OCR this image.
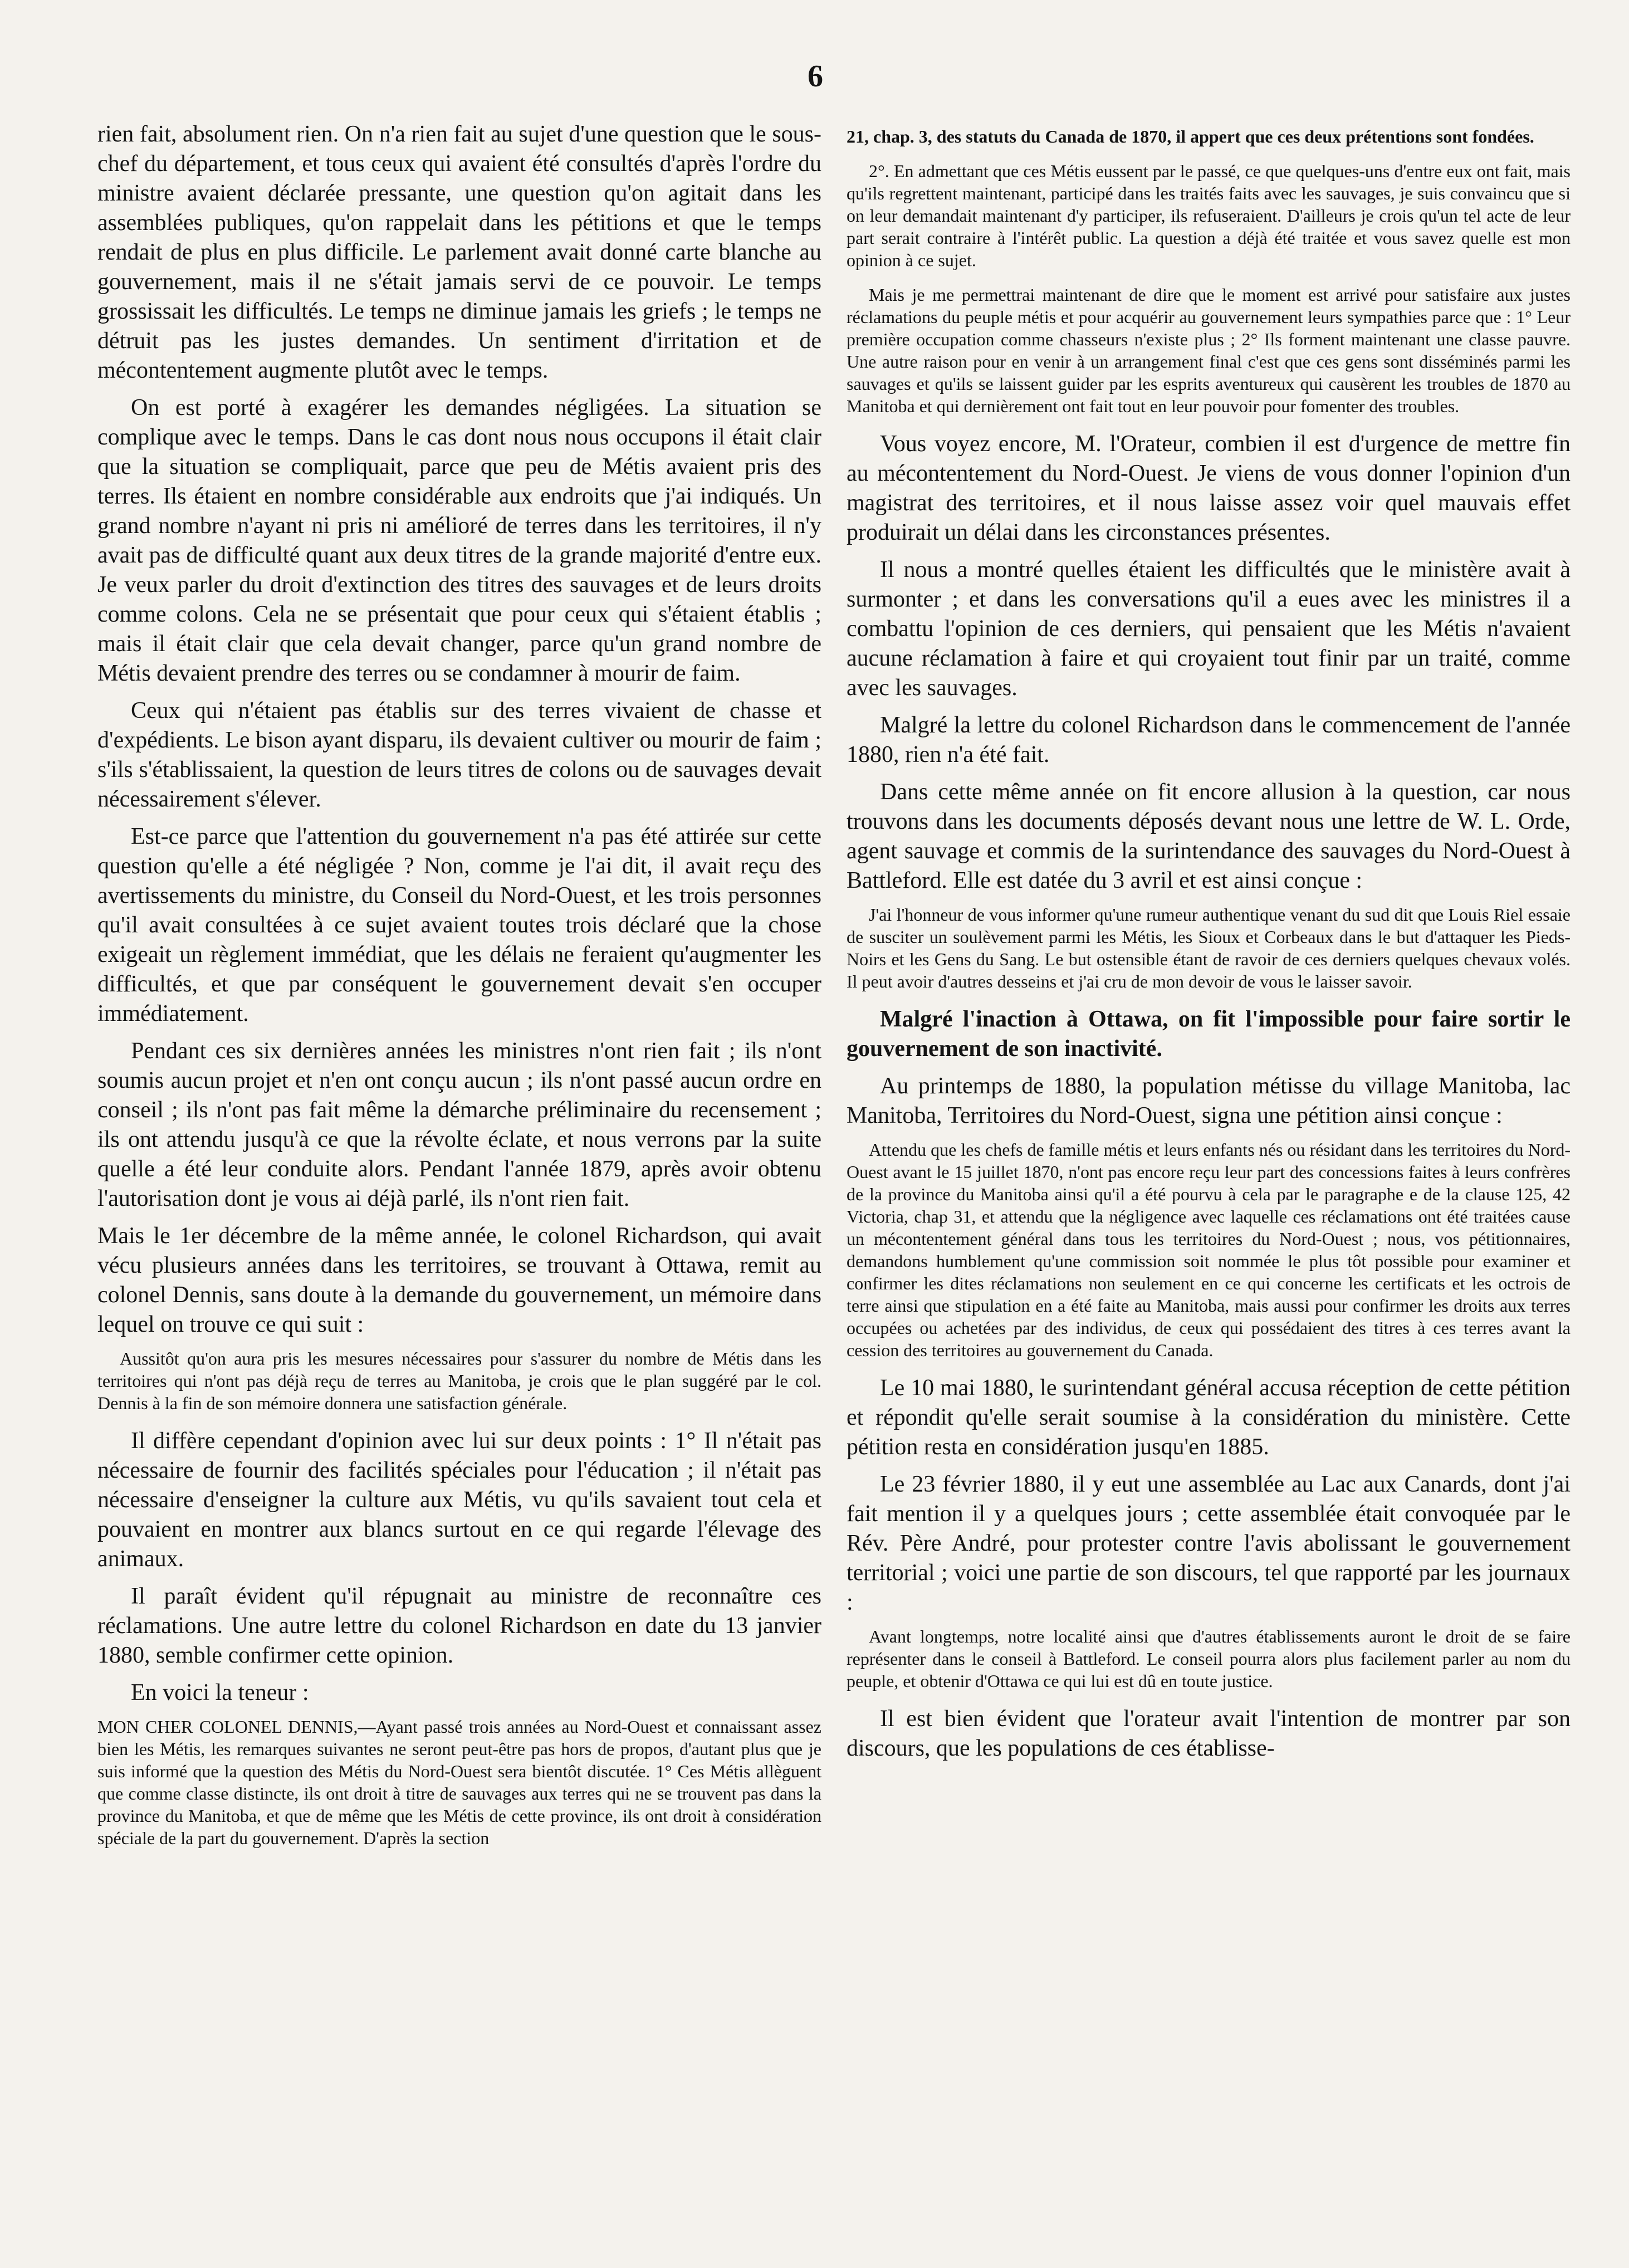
6

rien fait, absolument rien. On n'a rien fait au sujet d'une question que le sous-chef du département, et tous ceux qui avaient été consultés d'après l'ordre du ministre avaient déclarée pressante, une question qu'on agitait dans les assemblées publiques, qu'on rappelait dans les pétitions et que le temps rendait de plus en plus difficile. Le parlement avait donné carte blanche au gouvernement, mais il ne s'était jamais servi de ce pouvoir. Le temps grossissait les difficultés. Le temps ne diminue jamais les griefs ; le temps ne détruit pas les justes demandes. Un sentiment d'irritation et de mécontentement augmente plutôt avec le temps.

On est porté à exagérer les demandes négligées. La situation se complique avec le temps. Dans le cas dont nous nous occupons il était clair que la situation se compliquait, parce que peu de Métis avaient pris des terres. Ils étaient en nombre considérable aux endroits que j'ai indiqués. Un grand nombre n'ayant ni pris ni amélioré de terres dans les territoires, il n'y avait pas de difficulté quant aux deux titres de la grande majorité d'entre eux. Je veux parler du droit d'extinction des titres des sauvages et de leurs droits comme colons. Cela ne se présentait que pour ceux qui s'étaient établis ; mais il était clair que cela devait changer, parce qu'un grand nombre de Métis devaient prendre des terres ou se condamner à mourir de faim.

Ceux qui n'étaient pas établis sur des terres vivaient de chasse et d'expédients. Le bison ayant disparu, ils devaient cultiver ou mourir de faim ; s'ils s'établissaient, la question de leurs titres de colons ou de sauvages devait nécessairement s'élever.

Est-ce parce que l'attention du gouvernement n'a pas été attirée sur cette question qu'elle a été négligée ? Non, comme je l'ai dit, il avait reçu des avertissements du ministre, du Conseil du Nord-Ouest, et les trois personnes qu'il avait consultées à ce sujet avaient toutes trois déclaré que la chose exigeait un règlement immédiat, que les délais ne feraient qu'augmenter les difficultés, et que par conséquent le gouvernement devait s'en occuper immédiatement.

Pendant ces six dernières années les ministres n'ont rien fait ; ils n'ont soumis aucun projet et n'en ont conçu aucun ; ils n'ont passé aucun ordre en conseil ; ils n'ont pas fait même la démarche préliminaire du recensement ; ils ont attendu jusqu'à ce que la révolte éclate, et nous verrons par la suite quelle a été leur conduite alors. Pendant l'année 1879, après avoir obtenu l'autorisation dont je vous ai déjà parlé, ils n'ont rien fait.

Mais le 1er décembre de la même année, le colonel Richardson, qui avait vécu plusieurs années dans les territoires, se trouvant à Ottawa, remit au colonel Dennis, sans doute à la demande du gouvernement, un mémoire dans lequel on trouve ce qui suit :

Aussitôt qu'on aura pris les mesures nécessaires pour s'assurer du nombre de Métis dans les territoires qui n'ont pas déjà reçu de terres au Manitoba, je crois que le plan suggéré par le col. Dennis à la fin de son mémoire donnera une satisfaction générale.

Il diffère cependant d'opinion avec lui sur deux points : 1° Il n'était pas nécessaire de fournir des facilités spéciales pour l'éducation ; il n'était pas nécessaire d'enseigner la culture aux Métis, vu qu'ils savaient tout cela et pouvaient en montrer aux blancs surtout en ce qui regarde l'élevage des animaux.

Il paraît évident qu'il répugnait au ministre de reconnaître ces réclamations. Une autre lettre du colonel Richardson en date du 13 janvier 1880, semble confirmer cette opinion.

En voici la teneur :

MON CHER COLONEL DENNIS,—Ayant passé trois années au Nord-Ouest et connaissant assez bien les Métis, les remarques suivantes ne seront peut-être pas hors de propos, d'autant plus que je suis informé que la question des Métis du Nord-Ouest sera bientôt discutée. 1° Ces Métis allèguent que comme classe distincte, ils ont droit à titre de sauvages aux terres qui ne se trouvent pas dans la province du Manitoba, et que de même que les Métis de cette province, ils ont droit à considération spéciale de la part du gouvernement. D'après la section

21, chap. 3, des statuts du Canada de 1870, il appert que ces deux prétentions sont fondées.

2°. En admettant que ces Métis eussent par le passé, ce que quelques-uns d'entre eux ont fait, mais qu'ils regrettent maintenant, participé dans les traités faits avec les sauvages, je suis convaincu que si on leur demandait maintenant d'y participer, ils refuseraient. D'ailleurs je crois qu'un tel acte de leur part serait contraire à l'intérêt public. La question a déjà été traitée et vous savez quelle est mon opinion à ce sujet.

Mais je me permettrai maintenant de dire que le moment est arrivé pour satisfaire aux justes réclamations du peuple métis et pour acquérir au gouvernement leurs sympathies parce que : 1° Leur première occupation comme chasseurs n'existe plus ; 2° Ils forment maintenant une classe pauvre. Une autre raison pour en venir à un arrangement final c'est que ces gens sont disséminés parmi les sauvages et qu'ils se laissent guider par les esprits aventureux qui causèrent les troubles de 1870 au Manitoba et qui dernièrement ont fait tout en leur pouvoir pour fomenter des troubles.

Vous voyez encore, M. l'Orateur, combien il est d'urgence de mettre fin au mécontentement du Nord-Ouest. Je viens de vous donner l'opinion d'un magistrat des territoires, et il nous laisse assez voir quel mauvais effet produirait un délai dans les circonstances présentes.

Il nous a montré quelles étaient les difficultés que le ministère avait à surmonter ; et dans les conversations qu'il a eues avec les ministres il a combattu l'opinion de ces derniers, qui pensaient que les Métis n'avaient aucune réclamation à faire et qui croyaient tout finir par un traité, comme avec les sauvages.

Malgré la lettre du colonel Richardson dans le commencement de l'année 1880, rien n'a été fait.

Dans cette même année on fit encore allusion à la question, car nous trouvons dans les documents déposés devant nous une lettre de W. L. Orde, agent sauvage et commis de la surintendance des sauvages du Nord-Ouest à Battleford. Elle est datée du 3 avril et est ainsi conçue :

J'ai l'honneur de vous informer qu'une rumeur authentique venant du sud dit que Louis Riel essaie de susciter un soulèvement parmi les Métis, les Sioux et Corbeaux dans le but d'attaquer les Pieds-Noirs et les Gens du Sang. Le but ostensible étant de ravoir de ces derniers quelques chevaux volés. Il peut avoir d'autres desseins et j'ai cru de mon devoir de vous le laisser savoir.

Malgré l'inaction à Ottawa, on fit l'impossible pour faire sortir le gouvernement de son inactivité.

Au printemps de 1880, la population métisse du village Manitoba, lac Manitoba, Territoires du Nord-Ouest, signa une pétition ainsi conçue :

Attendu que les chefs de famille métis et leurs enfants nés ou résidant dans les territoires du Nord-Ouest avant le 15 juillet 1870, n'ont pas encore reçu leur part des concessions faites à leurs confrères de la province du Manitoba ainsi qu'il a été pourvu à cela par le paragraphe e de la clause 125, 42 Victoria, chap 31, et attendu que la négligence avec laquelle ces réclamations ont été traitées cause un mécontentement général dans tous les territoires du Nord-Ouest ; nous, vos pétitionnaires, demandons humblement qu'une commission soit nommée le plus tôt possible pour examiner et confirmer les dites réclamations non seulement en ce qui concerne les certificats et les octrois de terre ainsi que stipulation en a été faite au Manitoba, mais aussi pour confirmer les droits aux terres occupées ou achetées par des individus, de ceux qui possédaient des titres à ces terres avant la cession des territoires au gouvernement du Canada.

Le 10 mai 1880, le surintendant général accusa réception de cette pétition et répondit qu'elle serait soumise à la considération du ministère. Cette pétition resta en considération jusqu'en 1885.

Le 23 février 1880, il y eut une assemblée au Lac aux Canards, dont j'ai fait mention il y a quelques jours ; cette assemblée était convoquée par le Rév. Père André, pour protester contre l'avis abolissant le gouvernement territorial ; voici une partie de son discours, tel que rapporté par les journaux :

Avant longtemps, notre localité ainsi que d'autres établissements auront le droit de se faire représenter dans le conseil à Battleford. Le conseil pourra alors plus facilement parler au nom du peuple, et obtenir d'Ottawa ce qui lui est dû en toute justice.

Il est bien évident que l'orateur avait l'intention de montrer par son discours, que les populations de ces établisse-
